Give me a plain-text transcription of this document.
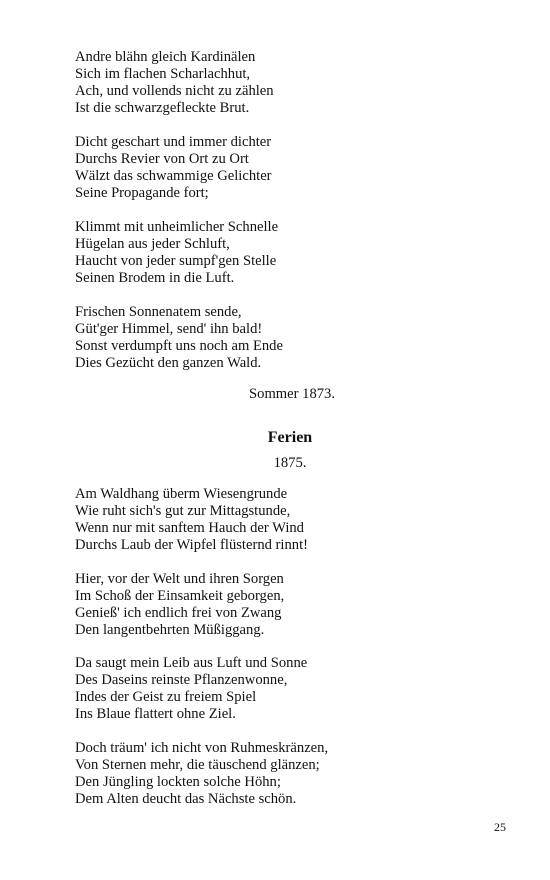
Andre blähn gleich Kardinälen
Sich im flachen Scharlachhut,
Ach, und vollends nicht zu zählen
Ist die schwarzgefleckte Brut.
Dicht geschart und immer dichter
Durchs Revier von Ort zu Ort
Wälzt das schwammige Gelichter
Seine Propagande fort;
Klimmt mit unheimlicher Schnelle
Hügelan aus jeder Schluft,
Haucht von jeder sumpf'gen Stelle
Seinen Brodem in die Luft.
Frischen Sonnenatem sende,
Güt'ger Himmel, send' ihn bald!
Sonst verdumpft uns noch am Ende
Dies Gezücht den ganzen Wald.
Sommer 1873.
Ferien
1875.
Am Waldhang überm Wiesengrunde
Wie ruht sich's gut zur Mittagstunde,
Wenn nur mit sanftem Hauch der Wind
Durchs Laub der Wipfel flüsternd rinnt!
Hier, vor der Welt und ihren Sorgen
Im Schoß der Einsamkeit geborgen,
Genieß' ich endlich frei von Zwang
Den langentbehrten Müßiggang.
Da saugt mein Leib aus Luft und Sonne
Des Daseins reinste Pflanzenwonne,
Indes der Geist zu freiem Spiel
Ins Blaue flattert ohne Ziel.
Doch träum' ich nicht von Ruhmeskränzen,
Von Sternen mehr, die täuschend glänzen;
Den Jüngling lockten solche Höhn;
Dem Alten deucht das Nächste schön.
25
